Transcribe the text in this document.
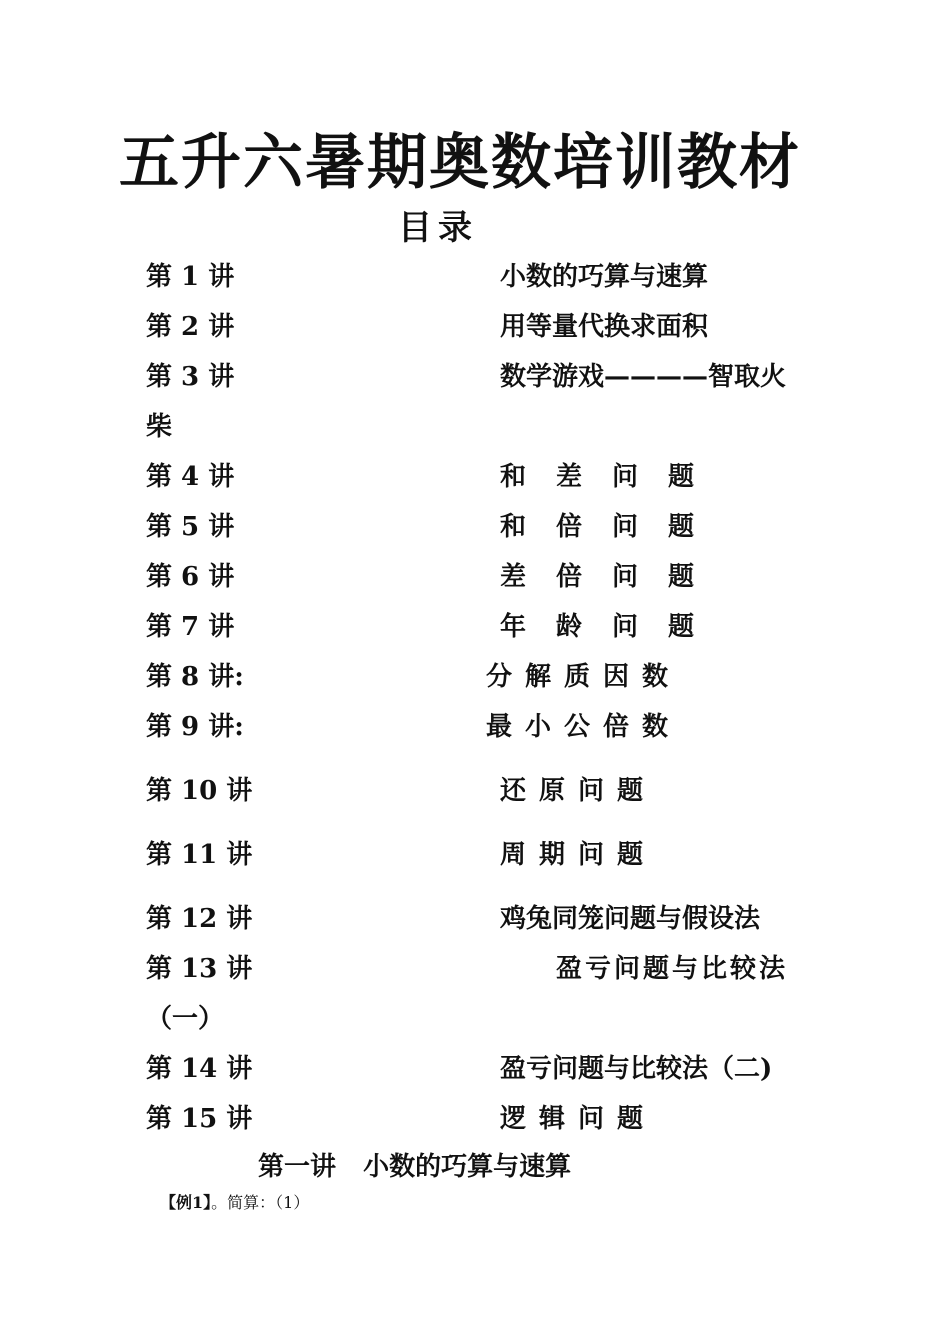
五升六暑期奥数培训教材
目录
第 1 讲	小数的巧算与速算
第 2 讲	用等量代换求面积
第 3 讲	数学游戏————智取火
柴
第 4 讲	和差问题
第 5 讲	和倍问题
第 6 讲	差倍问题
第 7 讲	年龄问题
第 8 讲:	分解质因数
第 9 讲:	最小公倍数
第 10 讲	还原问题
第 11 讲	周期问题
第 12 讲	鸡兔同笼问题与假设法
第 13 讲	盈亏问题与比较法
（一）
第 14 讲	盈亏问题与比较法（二)
第 15 讲	逻辑问题
第一讲   小数的巧算与速算
【例1】。简算：（1）
